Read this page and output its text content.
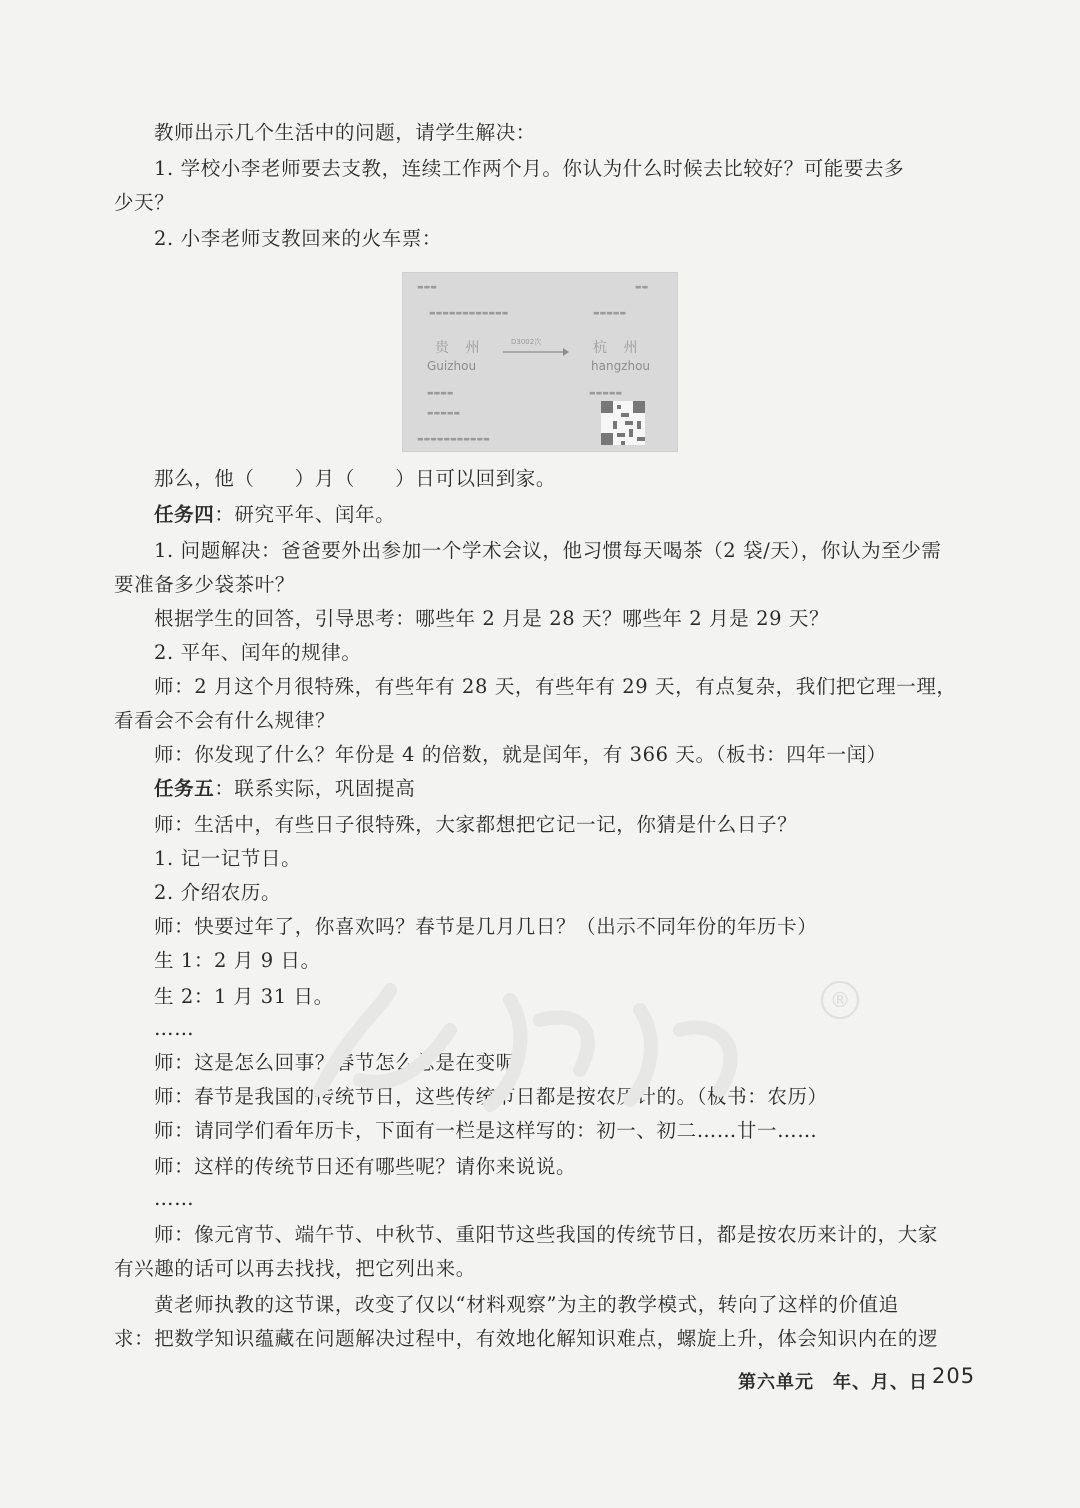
教师出示几个生活中的问题，请学生解决：
1. 学校小李老师要去支教，连续工作两个月。你认为什么时候去比较好？可能要去多
少天？
2. 小李老师支教回来的火车票：
▬▬▬	▬▬
▬▬▬▬▬▬▬▬▬▬▬▬	▬▬▬▬▬
贵 州
Guizhou
D3002次	杭 州
hangzhou
▬▬▬▬	▬▬▬▬▬
▬▬▬▬▬
▬▬▬▬▬▬▬▬▬▬▬
那么，他（　　）月（　　）日可以回到家。
任务四：研究平年、闰年。
1. 问题解决：爸爸要外出参加一个学术会议，他习惯每天喝茶（2 袋/天），你认为至少需
要准备多少袋茶叶？
根据学生的回答，引导思考：哪些年 2 月是 28 天？哪些年 2 月是 29 天？
2. 平年、闰年的规律。
师：2 月这个月很特殊，有些年有 28 天，有些年有 29 天，有点复杂，我们把它理一理，
看看会不会有什么规律？
师：你发现了什么？年份是 4 的倍数，就是闰年，有 366 天。（板书：四年一闰）
任务五：联系实际，巩固提高
师：生活中，有些日子很特殊，大家都想把它记一记，你猜是什么日子？
1. 记一记节日。
2. 介绍农历。
师：快要过年了，你喜欢吗？春节是几月几日？（出示不同年份的年历卡）
生 1：2 月 9 日。
生 2：1 月 31 日。
……
师：这是怎么回事？春节怎么总是在变呢？
师：春节是我国的传统节日，这些传统节日都是按农历计的。（板书：农历）
师：请同学们看年历卡，下面有一栏是这样写的：初一、初二……廿一……
师：这样的传统节日还有哪些呢？请你来说说。
……
师：像元宵节、端午节、中秋节、重阳节这些我国的传统节日，都是按农历来计的，大家
有兴趣的话可以再去找找，把它列出来。
黄老师执教的这节课，改变了仅以“材料观察”为主的教学模式，转向了这样的价值追
求：把数学知识蕴藏在问题解决过程中，有效地化解知识难点，螺旋上升，体会知识内在的逻
®
第六单元　年、月、日 205
